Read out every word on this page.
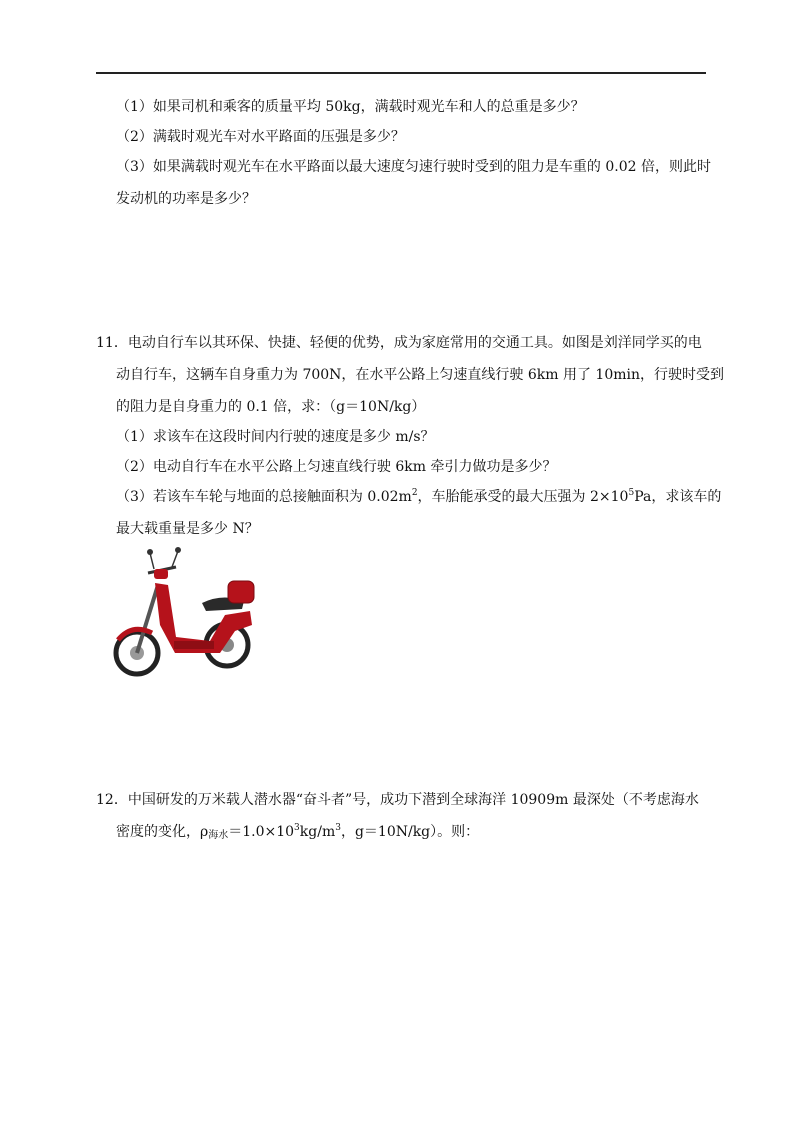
（1）如果司机和乘客的质量平均 50kg，满载时观光车和人的总重是多少？
（2）满载时观光车对水平路面的压强是多少？
（3）如果满载时观光车在水平路面以最大速度匀速行驶时受到的阻力是车重的 0.02 倍，则此时
发动机的功率是多少？
11．电动自行车以其环保、快捷、轻便的优势，成为家庭常用的交通工具。如图是刘洋同学买的电
动自行车，这辆车自身重力为 700N，在水平公路上匀速直线行驶 6km 用了 10min，行驶时受到
的阻力是自身重力的 0.1 倍，求：（g＝10N/kg）
（1）求该车在这段时间内行驶的速度是多少 m/s？
（2）电动自行车在水平公路上匀速直线行驶 6km 牵引力做功是多少？
（3）若该车车轮与地面的总接触面积为 $0.02m^2$，车胎能承受的最大压强为 $2\times 10^5Pa$，求该车的
最大载重量是多少 N？
12．中国研发的万米载人潜水器“奋斗者”号，成功下潜到全球海洋 10909m 最深处（不考虑海水
密度的变化，$\rho_{海水}=1.0\times 10^3kg/m^3$，g＝10N/kg）。则：
